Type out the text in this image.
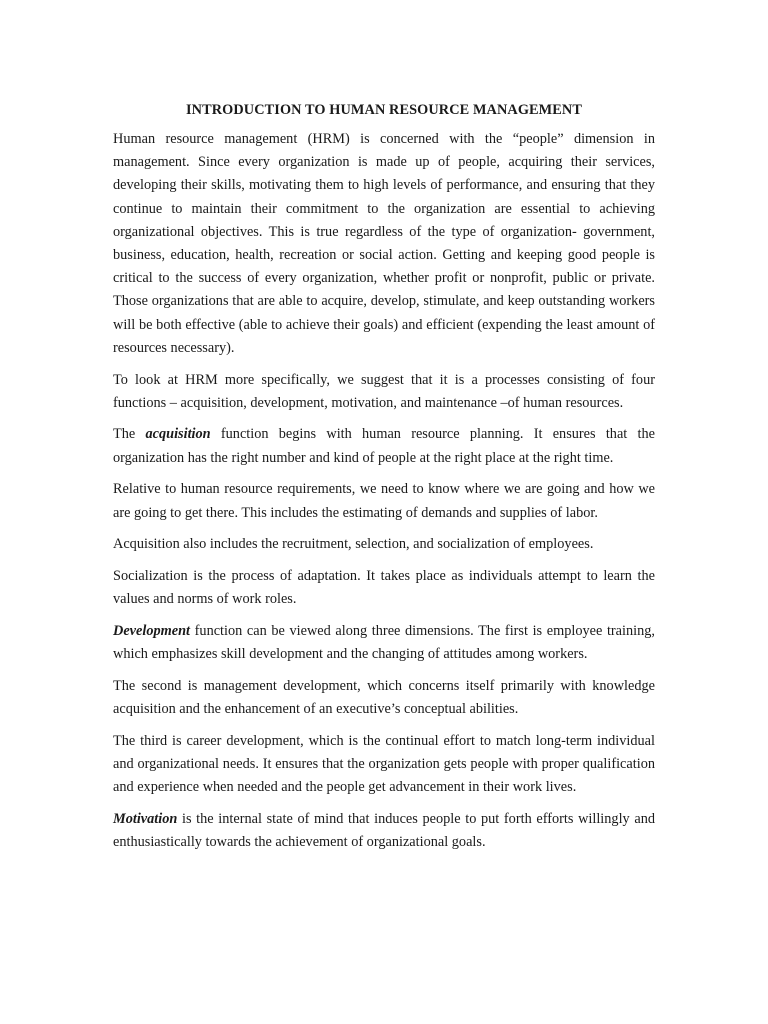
INTRODUCTION TO HUMAN RESOURCE MANAGEMENT

Human resource management (HRM) is concerned with the “people” dimension in management. Since every organization is made up of people, acquiring their services, developing their skills, motivating them to high levels of performance, and ensuring that they continue to maintain their commitment to the organization are essential to achieving organizational objectives. This is true regardless of the type of organization- government, business, education, health, recreation or social action. Getting and keeping good people is critical to the success of every organization, whether profit or nonprofit, public or private. Those organizations that are able to acquire, develop, stimulate, and keep outstanding workers will be both effective (able to achieve their goals) and efficient (expending the least amount of resources necessary).

To look at HRM more specifically, we suggest that it is a processes consisting of four functions – acquisition, development, motivation, and maintenance –of human resources.

The acquisition function begins with human resource planning. It ensures that the organization has the right number and kind of people at the right place at the right time.

Relative to human resource requirements, we need to know where we are going and how we are going to get there. This includes the estimating of demands and supplies of labor.

Acquisition also includes the recruitment, selection, and socialization of employees.

Socialization is the process of adaptation. It takes place as individuals attempt to learn the values and norms of work roles.

Development function can be viewed along three dimensions. The first is employee training, which emphasizes skill development and the changing of attitudes among workers.

The second is management development, which concerns itself primarily with knowledge acquisition and the enhancement of an executive’s conceptual abilities.

The third is career development, which is the continual effort to match long-term individual and organizational needs. It ensures that the organization gets people with proper qualification and experience when needed and the people get advancement in their work lives.

Motivation is the internal state of mind that induces people to put forth efforts willingly and enthusiastically towards the achievement of organizational goals.
